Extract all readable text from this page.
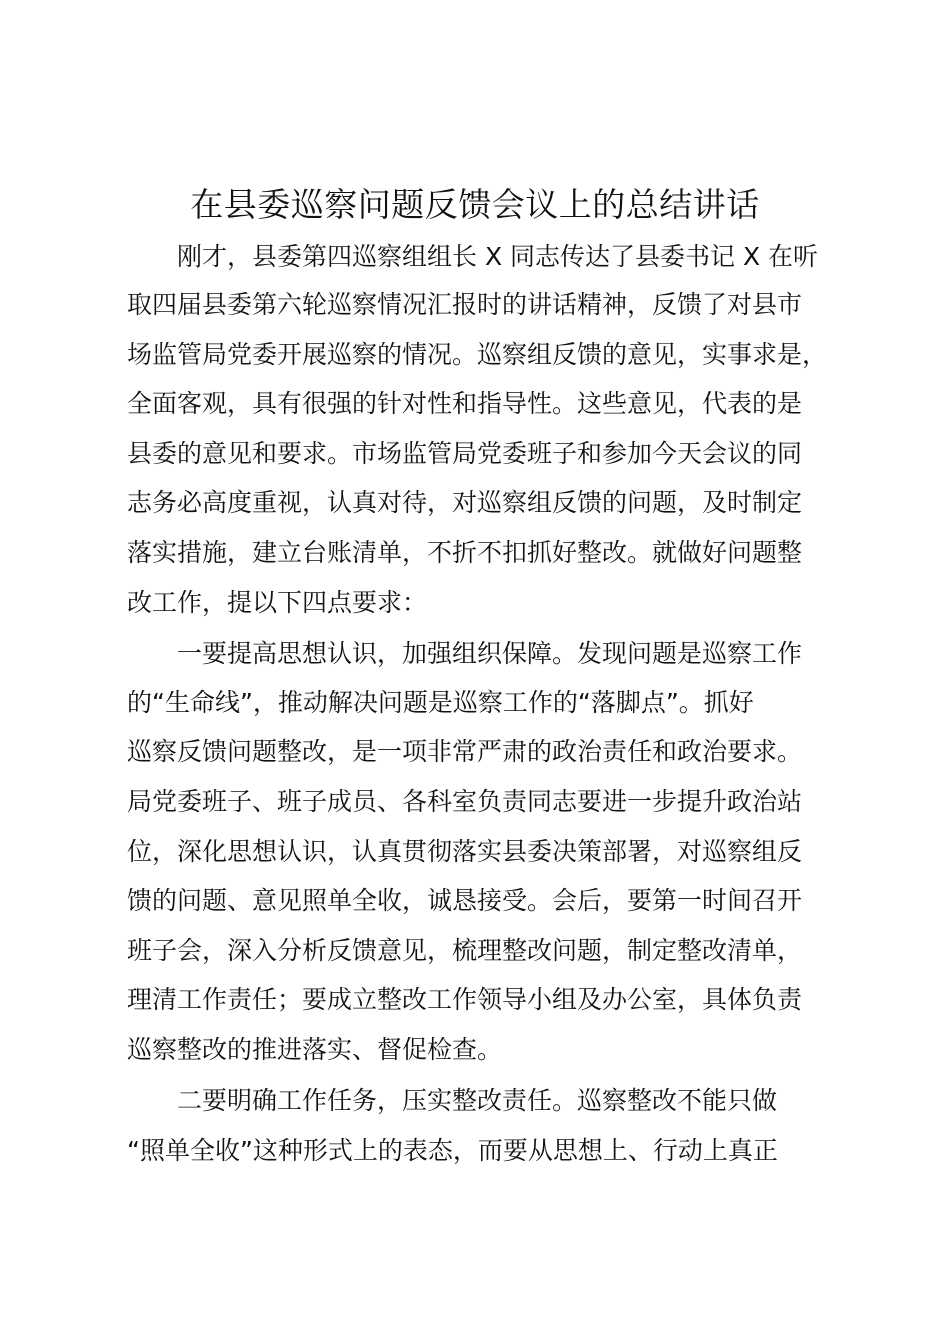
在县委巡察问题反馈会议上的总结讲话
　　刚才，县委第四巡察组组长 X 同志传达了县委书记 X 在听
取四届县委第六轮巡察情况汇报时的讲话精神，反馈了对县市
场监管局党委开展巡察的情况。巡察组反馈的意见，实事求是，
全面客观，具有很强的针对性和指导性。这些意见，代表的是
县委的意见和要求。市场监管局党委班子和参加今天会议的同
志务必高度重视，认真对待，对巡察组反馈的问题，及时制定
落实措施，建立台账清单，不折不扣抓好整改。就做好问题整
改工作，提以下四点要求：
　　一要提高思想认识，加强组织保障。发现问题是巡察工作
的“生命线”，推动解决问题是巡察工作的“落脚点”。抓好
巡察反馈问题整改，是一项非常严肃的政治责任和政治要求。
局党委班子、班子成员、各科室负责同志要进一步提升政治站
位，深化思想认识，认真贯彻落实县委决策部署，对巡察组反
馈的问题、意见照单全收，诚恳接受。会后，要第一时间召开
班子会，深入分析反馈意见，梳理整改问题，制定整改清单，
理清工作责任；要成立整改工作领导小组及办公室，具体负责
巡察整改的推进落实、督促检查。
　　二要明确工作任务，压实整改责任。巡察整改不能只做
“照单全收”这种形式上的表态，而要从思想上、行动上真正
